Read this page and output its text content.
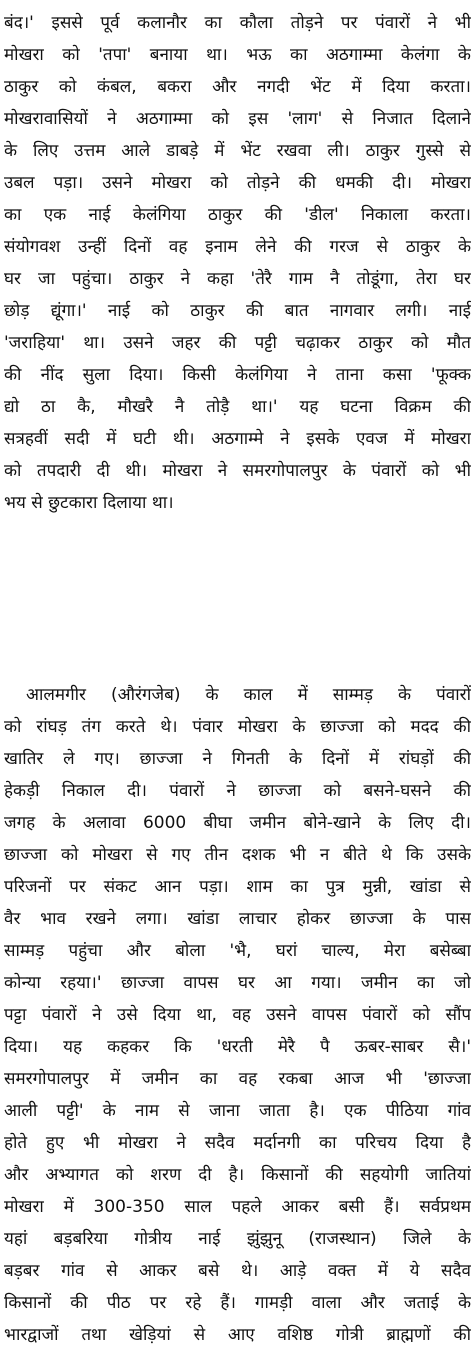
बंद।' इससे पूर्व कलानौर का कौला तोड़ने पर पंवारों ने भी
मोखरा को 'तपा' बनाया था। भऊ का अठगाम्मा केलंगा के
ठाकुर को कंबल, बकरा और नगदी भेंट में दिया करता।
मोखरावासियों ने अठगाम्मा को इस 'लाग' से निजात दिलाने
के लिए उत्तम आले डाबड़े में भेंट रखवा ली। ठाकुर गुस्से से
उबल पड़ा। उसने मोखरा को तोड़ने की धमकी दी। मोखरा
का एक नाई केलंगिया ठाकुर की 'डील' निकाला करता।
संयोगवश उन्हीं दिनों वह इनाम लेने की गरज से ठाकुर के
घर जा पहुंचा। ठाकुर ने कहा 'तेरै गाम नै तोडूंगा, तेरा घर
छोड़ द्यूंगा।' नाई को ठाकुर की बात नागवार लगी। नाई
'जराहिया' था। उसने जहर की पट्टी चढ़ाकर ठाकुर को मौत
की नींद सुला दिया। किसी केलंगिया ने ताना कसा 'फूक्क
द्यो ठा कै, मौखरै नै तोड़ै था।' यह घटना विक्रम की
सत्रहवीं सदी में घटी थी। अठगाम्मे ने इसके एवज में मोखरा
को तपदारी दी थी। मोखरा ने समरगोपालपुर के पंवारों को भी
भय से छुटकारा दिलाया था।
आलमगीर (औरंगजेब) के काल में साम्मड़ के पंवारों
को रांघड़ तंग करते थे। पंवार मोखरा के छाज्जा को मदद की
खातिर ले गए। छाज्जा ने गिनती के दिनों में रांघड़ों की
हेकड़ी निकाल दी। पंवारों ने छाज्जा को बसने-घसने की
जगह के अलावा 6000 बीघा जमीन बोने-खाने के लिए दी।
छाज्जा को मोखरा से गए तीन दशक भी न बीते थे कि उसके
परिजनों पर संकट आन पड़ा। शाम का पुत्र मुन्नी, खांडा से
वैर भाव रखने लगा। खांडा लाचार होकर छाज्जा के पास
साम्मड़ पहुंचा और बोला 'भै, घरां चाल्य, मेरा बसेब्बा
कोन्या रहया।' छाज्जा वापस घर आ गया। जमीन का जो
पट्टा पंवारों ने उसे दिया था, वह उसने वापस पंवारों को सौंप
दिया। यह कहकर कि 'धरती मेरै पै ऊबर-साबर सै।'
समरगोपालपुर में जमीन का वह रकबा आज भी 'छाज्जा
आली पट्टी' के नाम से जाना जाता है। एक पीठिया गांव
होते हुए भी मोखरा ने सदैव मर्दानगी का परिचय दिया है
और अभ्यागत को शरण दी है। किसानों की सहयोगी जातियां
मोखरा में 300-350 साल पहले आकर बसी हैं। सर्वप्रथम
यहां बड़बरिया गोत्रीय नाई झुंझुनू (राजस्थान) जिले के
बड़बर गांव से आकर बसे थे। आड़े वक्त में ये सदैव
किसानों की पीठ पर रहे हैं। गामड़ी वाला और जताई के
भारद्वाजों तथा खेड़ियां से आए वशिष्ठ गोत्री ब्राह्मणों की
